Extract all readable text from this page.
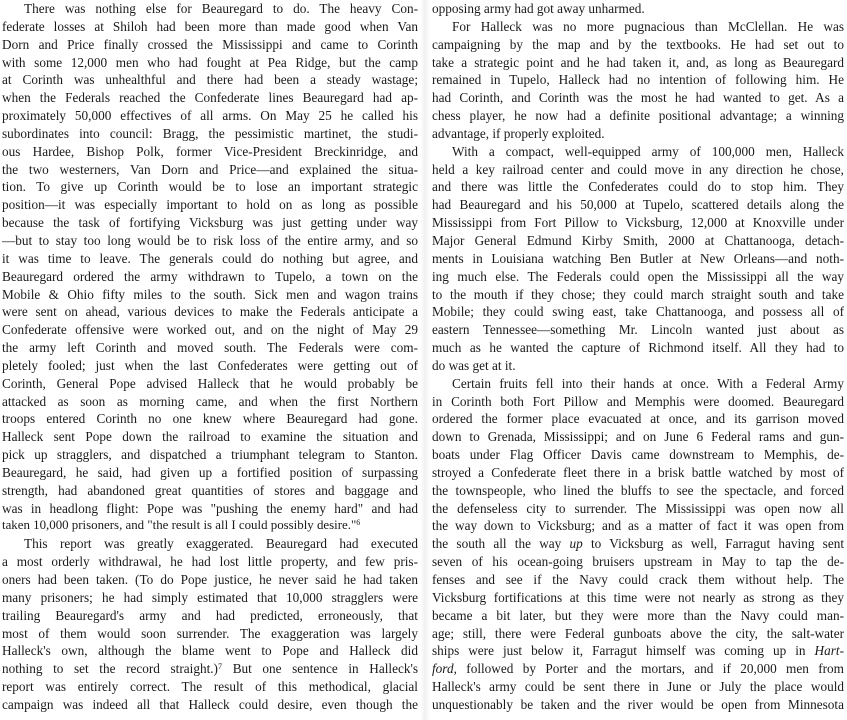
There was nothing else for Beauregard to do. The heavy Con-
federate losses at Shiloh had been more than made good when Van
Dorn and Price finally crossed the Mississippi and came to Corinth
with some 12,000 men who had fought at Pea Ridge, but the camp
at Corinth was unhealthful and there had been a steady wastage;
when the Federals reached the Confederate lines Beauregard had ap-
proximately 50,000 effectives of all arms. On May 25 he called his
subordinates into council: Bragg, the pessimistic martinet, the studi-
ous Hardee, Bishop Polk, former Vice-President Breckinridge, and
the two westerners, Van Dorn and Price—and explained the situa-
tion. To give up Corinth would be to lose an important strategic
position—it was especially important to hold on as long as possible
because the task of fortifying Vicksburg was just getting under way
—but to stay too long would be to risk loss of the entire army, and so
it was time to leave. The generals could do nothing but agree, and
Beauregard ordered the army withdrawn to Tupelo, a town on the
Mobile & Ohio fifty miles to the south. Sick men and wagon trains
were sent on ahead, various devices to make the Federals anticipate a
Confederate offensive were worked out, and on the night of May 29
the army left Corinth and moved south. The Federals were com-
pletely fooled; just when the last Confederates were getting out of
Corinth, General Pope advised Halleck that he would probably be
attacked as soon as morning came, and when the first Northern
troops entered Corinth no one knew where Beauregard had gone.
Halleck sent Pope down the railroad to examine the situation and
pick up stragglers, and dispatched a triumphant telegram to Stanton.
Beauregard, he said, had given up a fortified position of surpassing
strength, had abandoned great quantities of stores and baggage and
was in headlong flight: Pope was "pushing the enemy hard" and had
taken 10,000 prisoners, and "the result is all I could possibly desire."$^6$
This report was greatly exaggerated. Beauregard had executed
a most orderly withdrawal, he had lost little property, and few pris-
oners had been taken. (To do Pope justice, he never said he had taken
many prisoners; he had simply estimated that 10,000 stragglers were
trailing Beauregard's army and had predicted, erroneously, that
most of them would soon surrender. The exaggeration was largely
Halleck's own, although the blame went to Pope and Halleck did
nothing to set the record straight.)$^7$ But one sentence in Halleck's
report was entirely correct. The result of this methodical, glacial
campaign was indeed all that Halleck could desire, even though the
opposing army had got away unharmed.
For Halleck was no more pugnacious than McClellan. He was
campaigning by the map and by the textbooks. He had set out to
take a strategic point and he had taken it, and, as long as Beauregard
remained in Tupelo, Halleck had no intention of following him. He
had Corinth, and Corinth was the most he had wanted to get. As a
chess player, he now had a definite positional advantage; a winning
advantage, if properly exploited.
With a compact, well-equipped army of 100,000 men, Halleck
held a key railroad center and could move in any direction he chose,
and there was little the Confederates could do to stop him. They
had Beauregard and his 50,000 at Tupelo, scattered details along the
Mississippi from Fort Pillow to Vicksburg, 12,000 at Knoxville under
Major General Edmund Kirby Smith, 2000 at Chattanooga, detach-
ments in Louisiana watching Ben Butler at New Orleans—and noth-
ing much else. The Federals could open the Mississippi all the way
to the mouth if they chose; they could march straight south and take
Mobile; they could swing east, take Chattanooga, and possess all of
eastern Tennessee—something Mr. Lincoln wanted just about as
much as he wanted the capture of Richmond itself. All they had to
do was get at it.
Certain fruits fell into their hands at once. With a Federal Army
in Corinth both Fort Pillow and Memphis were doomed. Beauregard
ordered the former place evacuated at once, and its garrison moved
down to Grenada, Mississippi; and on June 6 Federal rams and gun-
boats under Flag Officer Davis came downstream to Memphis, de-
stroyed a Confederate fleet there in a brisk battle watched by most of
the townspeople, who lined the bluffs to see the spectacle, and forced
the defenseless city to surrender. The Mississippi was open now all
the way down to Vicksburg; and as a matter of fact it was open from
the south all the way up to Vicksburg as well, Farragut having sent
seven of his ocean-going bruisers upstream in May to tap the de-
fenses and see if the Navy could crack them without help. The
Vicksburg fortifications at this time were not nearly as strong as they
became a bit later, but they were more than the Navy could man-
age; still, there were Federal gunboats above the city, the salt-water
ships were just below it, Farragut himself was coming up in Hart-
ford, followed by Porter and the mortars, and if 20,000 men from
Halleck's army could be sent there in June or July the place would
unquestionably be taken and the river would be open from Minnesota
